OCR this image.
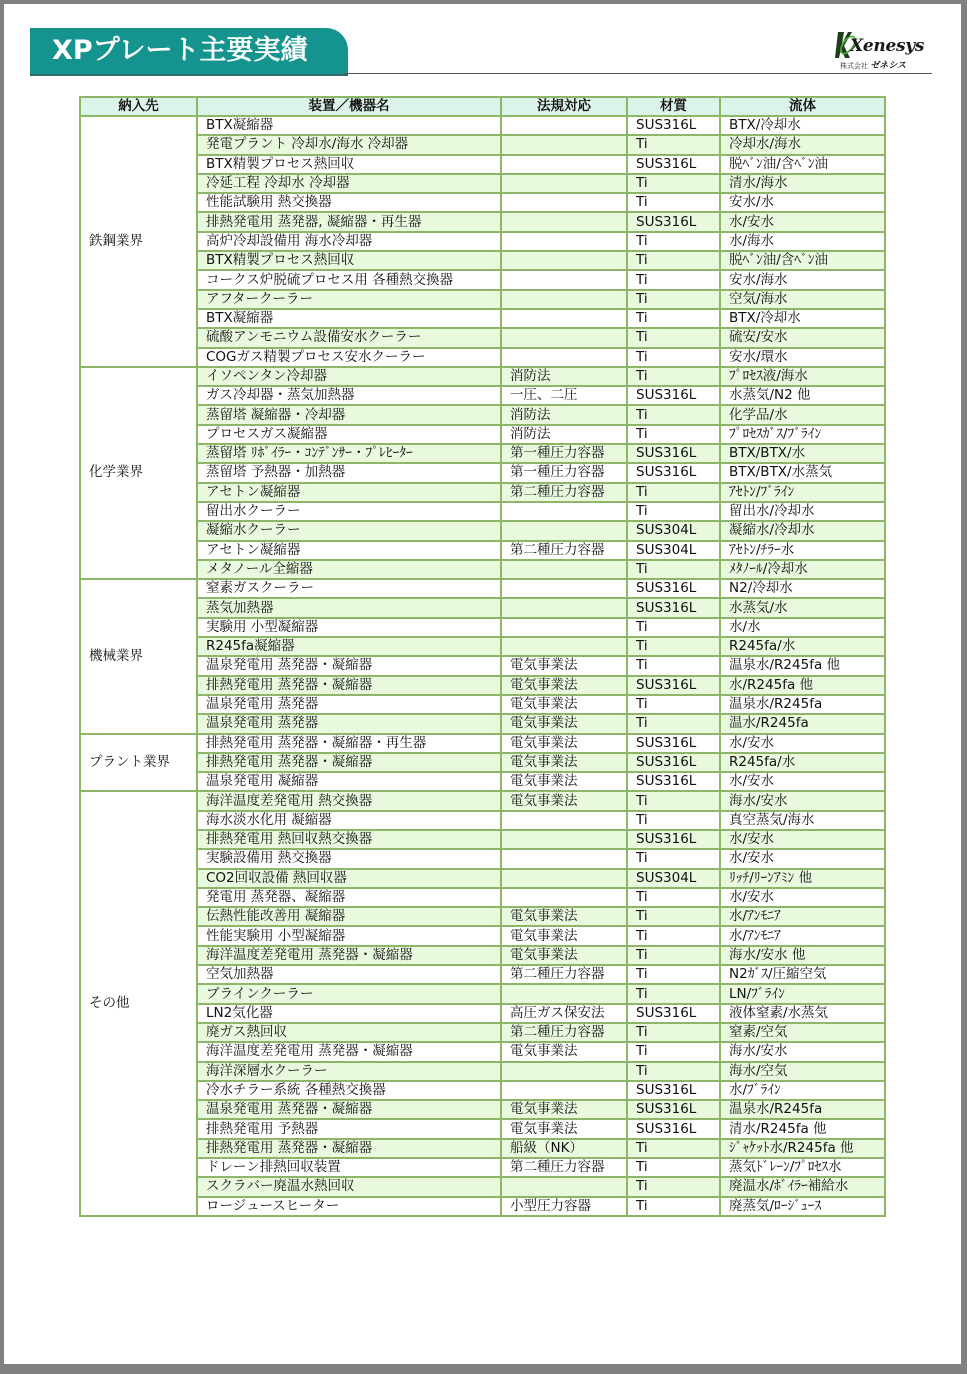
XPプレート主要実績	Xenesys
株式会社 ゼネシス
納入先	装置／機器名	法規対応	材質	流体
鉄鋼業界	BTX凝縮器		SUS316L	BTX/冷却水
	発電プラント 冷却水/海水 冷却器		Ti	冷却水/海水
	BTX精製プロセス熱回収		SUS316L	脱ﾍﾞﾝ油/含ﾍﾞﾝ油
	冷延工程 冷却水 冷却器		Ti	清水/海水
	性能試験用 熱交換器		Ti	安水/水
	排熱発電用 蒸発器, 凝縮器・再生器		SUS316L	水/安水
	高炉冷却設備用 海水冷却器		Ti	水/海水
	BTX精製プロセス熱回収		Ti	脱ﾍﾞﾝ油/含ﾍﾞﾝ油
	コークス炉脱硫プロセス用 各種熱交換器		Ti	安水/海水
	アフタークーラー		Ti	空気/海水
	BTX凝縮器		Ti	BTX/冷却水
	硫酸アンモニウム設備安水クーラー		Ti	硫安/安水
	COGガス精製プロセス安水クーラー		Ti	安水/環水
化学業界	イソペンタン冷却器	消防法	Ti	ﾌﾟﾛｾｽ液/海水
	ガス冷却器・蒸気加熱器	一圧、二圧	SUS316L	水蒸気/N2 他
	蒸留塔 凝縮器・冷却器	消防法	Ti	化学品/水
	プロセスガス凝縮器	消防法	Ti	ﾌﾟﾛｾｽｶﾞｽ/ﾌﾞﾗｲﾝ
	蒸留塔 ﾘﾎﾞｲﾗｰ・ｺﾝﾃﾞﾝｻｰ・ﾌﾟﾚﾋｰﾀｰ	第一種圧力容器	SUS316L	BTX/BTX/水
	蒸留塔 予熱器・加熱器	第一種圧力容器	SUS316L	BTX/BTX/水蒸気
	アセトン凝縮器	第二種圧力容器	Ti	ｱｾﾄﾝ/ﾌﾞﾗｲﾝ
	留出水クーラー		Ti	留出水/冷却水
	凝縮水クーラー		SUS304L	凝縮水/冷却水
	アセトン凝縮器	第二種圧力容器	SUS304L	ｱｾﾄﾝ/ﾁﾗｰ水
	メタノール全縮器		Ti	ﾒﾀﾉｰﾙ/冷却水
機械業界	窒素ガスクーラー		SUS316L	N2/冷却水
	蒸気加熱器		SUS316L	水蒸気/水
	実験用 小型凝縮器		Ti	水/水
	R245fa凝縮器		Ti	R245fa/水
	温泉発電用 蒸発器・凝縮器	電気事業法	Ti	温泉水/R245fa 他
	排熱発電用 蒸発器・凝縮器	電気事業法	SUS316L	水/R245fa 他
	温泉発電用 蒸発器	電気事業法	Ti	温泉水/R245fa
	温泉発電用 蒸発器	電気事業法	Ti	温水/R245fa
プラント業界	排熱発電用 蒸発器・凝縮器・再生器	電気事業法	SUS316L	水/安水
	排熱発電用 蒸発器・凝縮器	電気事業法	SUS316L	R245fa/水
	温泉発電用 凝縮器	電気事業法	SUS316L	水/安水
その他	海洋温度差発電用 熱交換器	電気事業法	Ti	海水/安水
	海水淡水化用 凝縮器		Ti	真空蒸気/海水
	排熱発電用 熱回収熱交換器		SUS316L	水/安水
	実験設備用 熱交換器		Ti	水/安水
	CO2回収設備 熱回収器		SUS304L	ﾘｯﾁ/ﾘｰﾝｱﾐﾝ 他
	発電用 蒸発器、凝縮器		Ti	水/安水
	伝熱性能改善用 凝縮器	電気事業法	Ti	水/ｱﾝﾓﾆｱ
	性能実験用 小型凝縮器	電気事業法	Ti	水/ｱﾝﾓﾆｱ
	海洋温度差発電用 蒸発器・凝縮器	電気事業法	Ti	海水/安水 他
	空気加熱器	第二種圧力容器	Ti	N2ｶﾞｽ/圧縮空気
	ブラインクーラー		Ti	LN/ﾌﾞﾗｲﾝ
	LN2気化器	高圧ガス保安法	SUS316L	液体窒素/水蒸気
	廃ガス熱回収	第二種圧力容器	Ti	窒素/空気
	海洋温度差発電用 蒸発器・凝縮器	電気事業法	Ti	海水/安水
	海洋深層水クーラー		Ti	海水/空気
	冷水チラー系統 各種熱交換器		SUS316L	水/ﾌﾞﾗｲﾝ
	温泉発電用 蒸発器・凝縮器	電気事業法	SUS316L	温泉水/R245fa
	排熱発電用 予熱器	電気事業法	SUS316L	清水/R245fa 他
	排熱発電用 蒸発器・凝縮器	船級（NK）	Ti	ｼﾞｬｹｯﾄ水/R245fa 他
	ドレーン排熱回収装置	第二種圧力容器	Ti	蒸気ﾄﾞﾚｰﾝ/ﾌﾟﾛｾｽ水
	スクラバー廃温水熱回収		Ti	廃温水/ﾎﾞｲﾗｰ補給水
	ロージュースヒーター	小型圧力容器	Ti	廃蒸気/ﾛｰｼﾞｭｰｽ
